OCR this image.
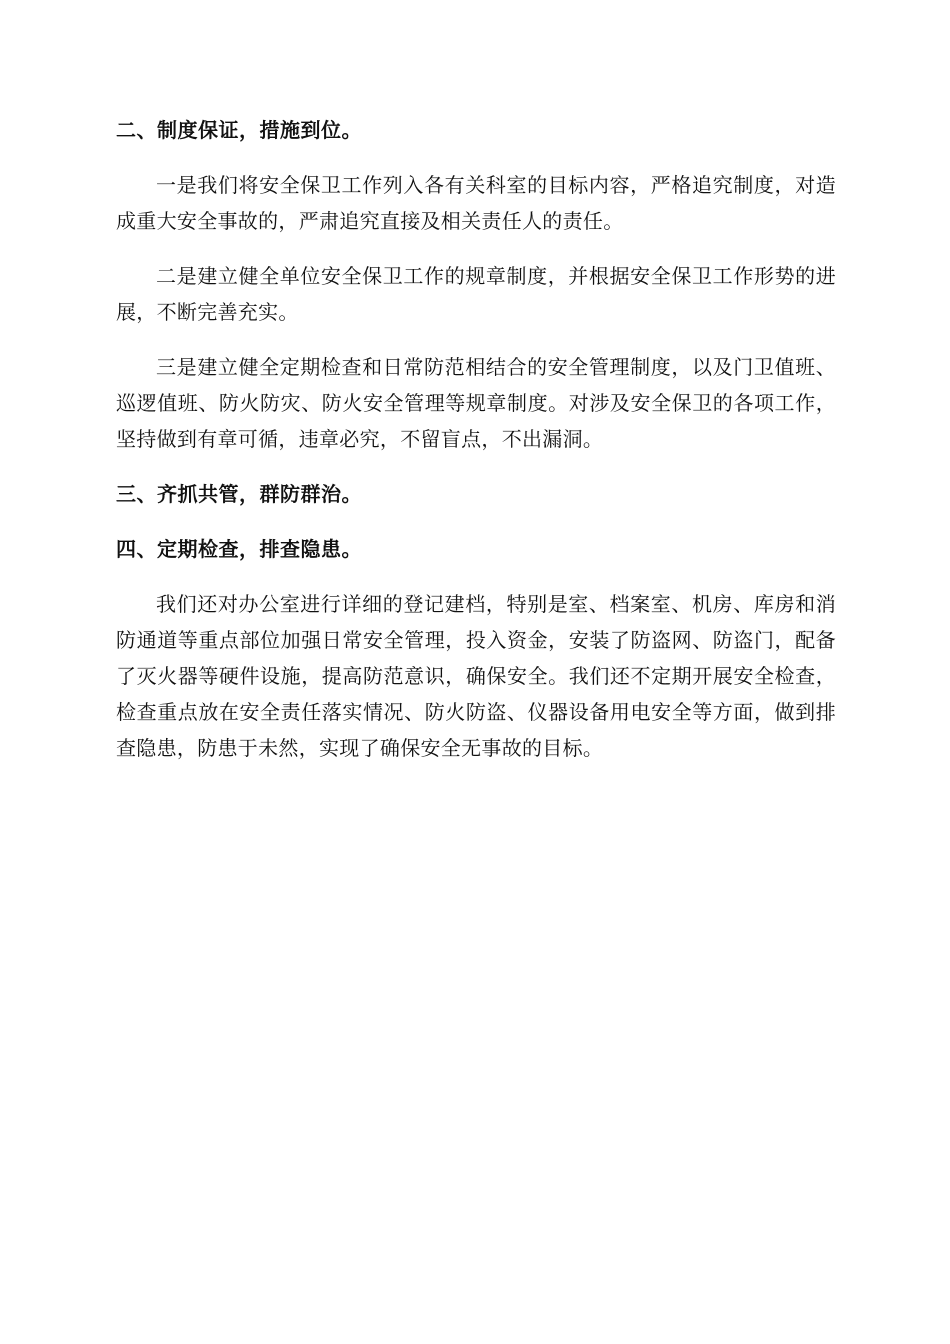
二、制度保证，措施到位。

一是我们将安全保卫工作列入各有关科室的目标内容，严格追究制度，对造成重大安全事故的，严肃追究直接及相关责任人的责任。

二是建立健全单位安全保卫工作的规章制度，并根据安全保卫工作形势的进展，不断完善充实。

三是建立健全定期检查和日常防范相结合的安全管理制度，以及门卫值班、巡逻值班、防火防灾、防火安全管理等规章制度。对涉及安全保卫的各项工作，坚持做到有章可循，违章必究，不留盲点，不出漏洞。

三、齐抓共管，群防群治。

四、定期检查，排查隐患。

我们还对办公室进行详细的登记建档，特别是室、档案室、机房、库房和消防通道等重点部位加强日常安全管理，投入资金，安装了防盗网、防盗门，配备了灭火器等硬件设施，提高防范意识，确保安全。我们还不定期开展安全检查，检查重点放在安全责任落实情况、防火防盗、仪器设备用电安全等方面，做到排查隐患，防患于未然，实现了确保安全无事故的目标。
